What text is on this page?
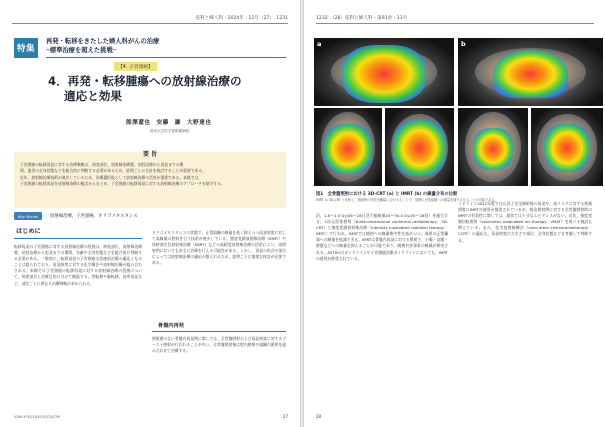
産科と婦人科・2024年・11号（27）　1231
特集
再発・転移をきたした婦人科がんの治療
─標準治療を超えた挑戦─
【4. 子宮頸癌】
4．再発・転移腫瘍への放射線治療の
適応と効果
熊澤遼也　安藤　謙　大野達也
群馬大学医学部附属病院
要 旨
子宮頸癌の転移再発に対する治療戦略は，病変部位，放射線治療歴，初回治療から再発までの期
間，患者の全身状態などを総合的に判断する必要があるため，症例ごとに方針を検討することが重要である。
近年，放射線治療技術が進歩しているため，治療選択肢として放射線治療の活用が重要である。本稿では，
子宮頸癌の転移再発を放射線治療の観点からまとめ，子宮頸癌の転移再発に対する放射線治療のアプローチを紹介する。
Key Words	放射線治療，子宮頸癌，オリゴメタスタシス
はじめに
転移再発の子宮頸癌に対する放射線治療の役割は，病変部位，放射線治療歴，初回治療から再発までの期間，年齢や全身状態などを総合的に判断する必要がある。一般的に，転移再発の子宮頸癌は治癒的治療の適応となることは限られており，再発病変に対する化学療法や放射線治療が組み合わされる。本稿では子宮頸癌の転移再発に対する放射線治療の役割について，病変部位と治療目的に分けて概説する。骨転移や脳転移，局所再発など，部位ごとに異なる治療戦略が求められる。
オリゴメタスタシスの状態で，正常組織の線量を低く抑えつつ再発病変に対して高線量の照射を行う技術が進歩している。強度変調放射線治療（IMRT）や体幹部定位放射線治療（SBRT）などの高精度放射線治療の活用により，再照射例においても安全に治療を行える可能性がある。しかし，再発の形式や部位によっては放射線治療の適応が限られるため，症例ごとに慎重な検討が必要である。
骨盤内再発
照射歴のない骨盤内再発例に関しては，全骨盤照射および再発病変に対するブースト照射が行われることが多い。全骨盤照射後は腔内照射や組織内照射を組み合わせて治療する。
0386-9792/24/¥100/頁/JCOPY	27
1232　（28）産科と婦人科・第91巻・11号
a	b
図1　全骨盤照射における 3D-CRT (a) と IMRT (b) の線量分布の比較
IMRT は 3D-CRT と比較し，照射野の形状を腫瘍に合わせることで，周囲の正常組織への線量を減少させることが可能である。
法，1.8～2.0 Gy/26～28日回で総線量45～50.4 Gy/25～28回）を施行する。3次元原体照射（three-dimensional conformal radiotherapy：3D-CRT）と強度変調放射線治療（intensity modulated radiation therapy：IMRT）で行われ，IMRTでは標的への線量集中性を高めつつ，周囲の正常臓器への線量を低減できる。IMRTは骨盤内再発に対する照射で，小腸・直腸・膀胱などへの線量を抑えることが可能であり，晩期有害事象の軽減が期待される。ASTROのガイドラインや子宮頸癌治療ガイドラインにおいても，IMRTの使用が推奨されている。
イドライン2022年版では広汎子宮全摘術後の再発や，高リスクに対する術後照射にIMRTの使用が推奨されているが，根治照射例に対する全骨盤照射時のIMRTの有効性に関しては，現状では十分なエビデンスがない。近年，強度変調回転照射（volumetric modulated arc therapy：VMAT）を用いる施設も増えている。また，化学放射線療法（concurrent chemoradiotherapy：CCRT）の適応も，再発病変の大きさや部位，全身状態などを考慮して判断する。
28
